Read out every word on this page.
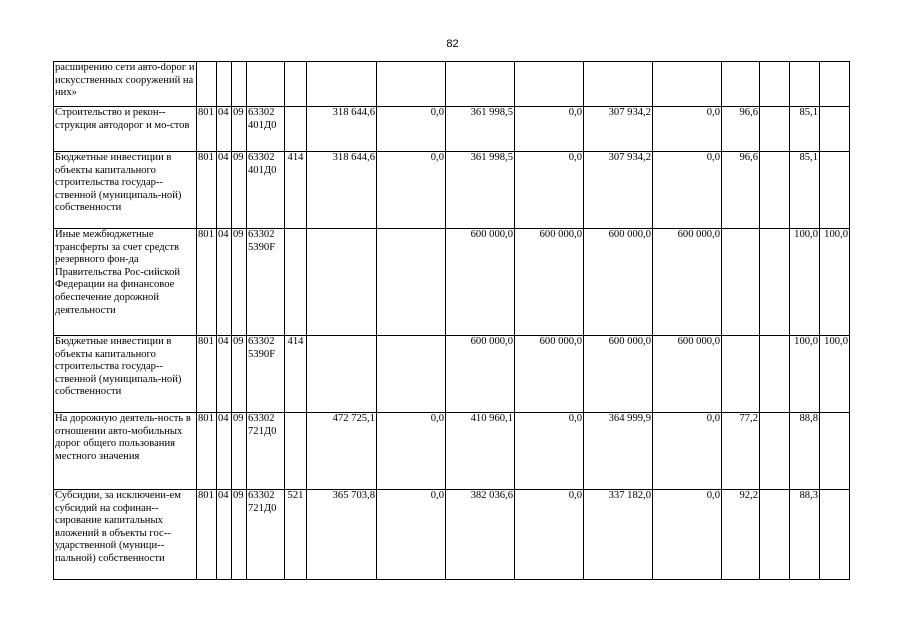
82
расширению сети авто-dорог и искусственных сооружений на них»															
Строительство и рекон-струкция автодорог и мо-стов	801	04	09	63302 401Д0		318 644,6	0,0	361 998,5	0,0	307 934,2	0,0	96,6		85,1	
Бюджетные инвестиции в объекты капитального строительства государ-ственной (муниципаль-ной) собственности	801	04	09	63302 401Д0	414	318 644,6	0,0	361 998,5	0,0	307 934,2	0,0	96,6		85,1	
Иные межбюджетные трансферты за счет средств резервного фон-да Правительства Рос-сийской Федерации на финансовое обеспечение дорожной деятельности	801	04	09	63302 5390F				600 000,0	600 000,0	600 000,0	600 000,0			100,0	100,0
Бюджетные инвестиции в объекты капитального строительства государ-ственной (муниципаль-ной) собственности	801	04	09	63302 5390F	414			600 000,0	600 000,0	600 000,0	600 000,0			100,0	100,0
На дорожную деятель-ность в отношении авто-мобильных дорог общего пользования местного значения	801	04	09	63302 721Д0		472 725,1	0,0	410 960,1	0,0	364 999,9	0,0	77,2		88,8	
Субсидии, за исключени-ем субсидий на софинан-сирование капитальных вложений в объекты гос-ударственной (муници-пальной) собственности	801	04	09	63302 721Д0	521	365 703,8	0,0	382 036,6	0,0	337 182,0	0,0	92,2		88,3	
